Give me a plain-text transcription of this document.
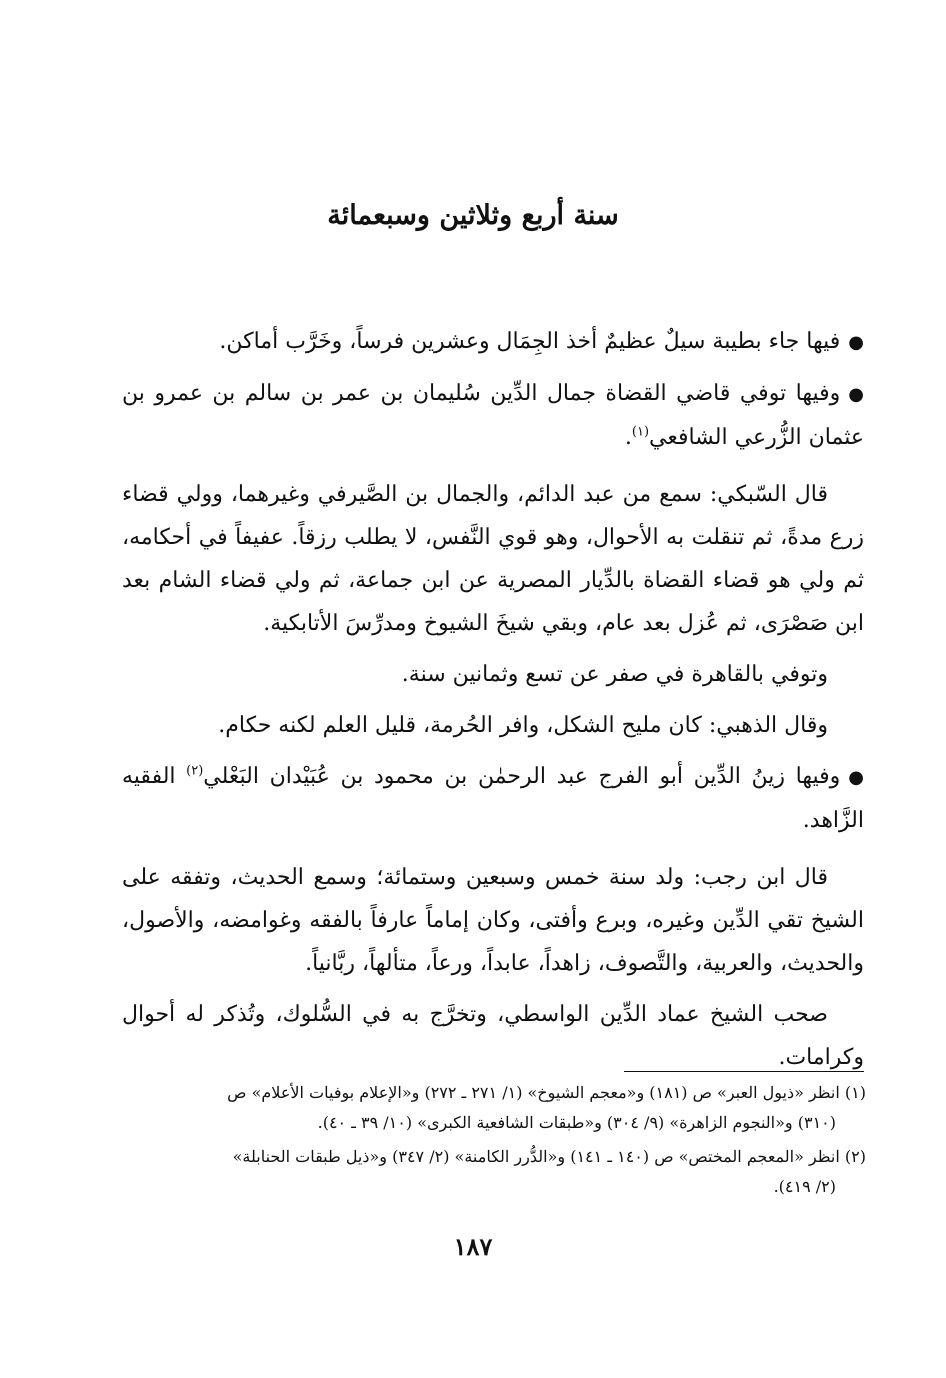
سنة أربع وثلاثين وسبعمائة

●فيها جاء بطيبة سيلٌ عظيمٌ أخذ الجِمَال وعشرين فرساً، وخَرَّب أماكن.

●وفيها توفي قاضي القضاة جمال الدِّين سُليمان بن عمر بن سالم بن عمرو بن عثمان الزُّرعي الشافعي$^{(١)}$.

قال السّبكي: سمع من عبد الدائم، والجمال بن الصَّيرفي وغيرهما، وولي قضاء زرع مدةً، ثم تنقلت به الأحوال، وهو قوي النَّفس، لا يطلب رزقاً. عفيفاً في أحكامه، ثم ولي هو قضاء القضاة بالدِّيار المصرية عن ابن جماعة، ثم ولي قضاء الشام بعد ابن صَصْرَى، ثم عُزل بعد عام، وبقي شيخَ الشيوخ ومدرِّسَ الأتابكية.

وتوفي بالقاهرة في صفر عن تسع وثمانين سنة.

وقال الذهبي: كان مليح الشكل، وافر الحُرمة، قليل العلم لكنه حكام.

●وفيها زينُ الدِّين أبو الفرج عبد الرحمٰن بن محمود بن عُبَيْدان البَعْلي$^{(٢)}$ الفقيه الزَّاهد.

قال ابن رجب: ولد سنة خمس وسبعين وستمائة؛ وسمع الحديث، وتفقه على الشيخ تقي الدِّين وغيره، وبرع وأفتى، وكان إماماً عارفاً بالفقه وغوامضه، والأصول، والحديث، والعربية، والتَّصوف، زاهداً، عابداً، ورعاً، متألهاً، ربَّانياً.

صحب الشيخ عماد الدِّين الواسطي، وتخرَّج به في السُّلوك، وتُذكر له أحوال وكرامات.

(١) انظر «ذيول العبر» ص (١٨١) و«معجم الشيوخ» (١/ ٢٧١ ـ ٢٧٢) و«الإعلام بوفيات الأعلام» ص
(٣١٠) و«النجوم الزاهرة» (٩/ ٣٠٤) و«طبقات الشافعية الكبرى» (١٠/ ٣٩ ـ ٤٠).

(٢) انظر «المعجم المختص» ص (١٤٠ ـ ١٤١) و«الدُّرر الكامنة» (٢/ ٣٤٧) و«ذيل طبقات الحنابلة»
(٢/ ٤١٩).

١٨٧
